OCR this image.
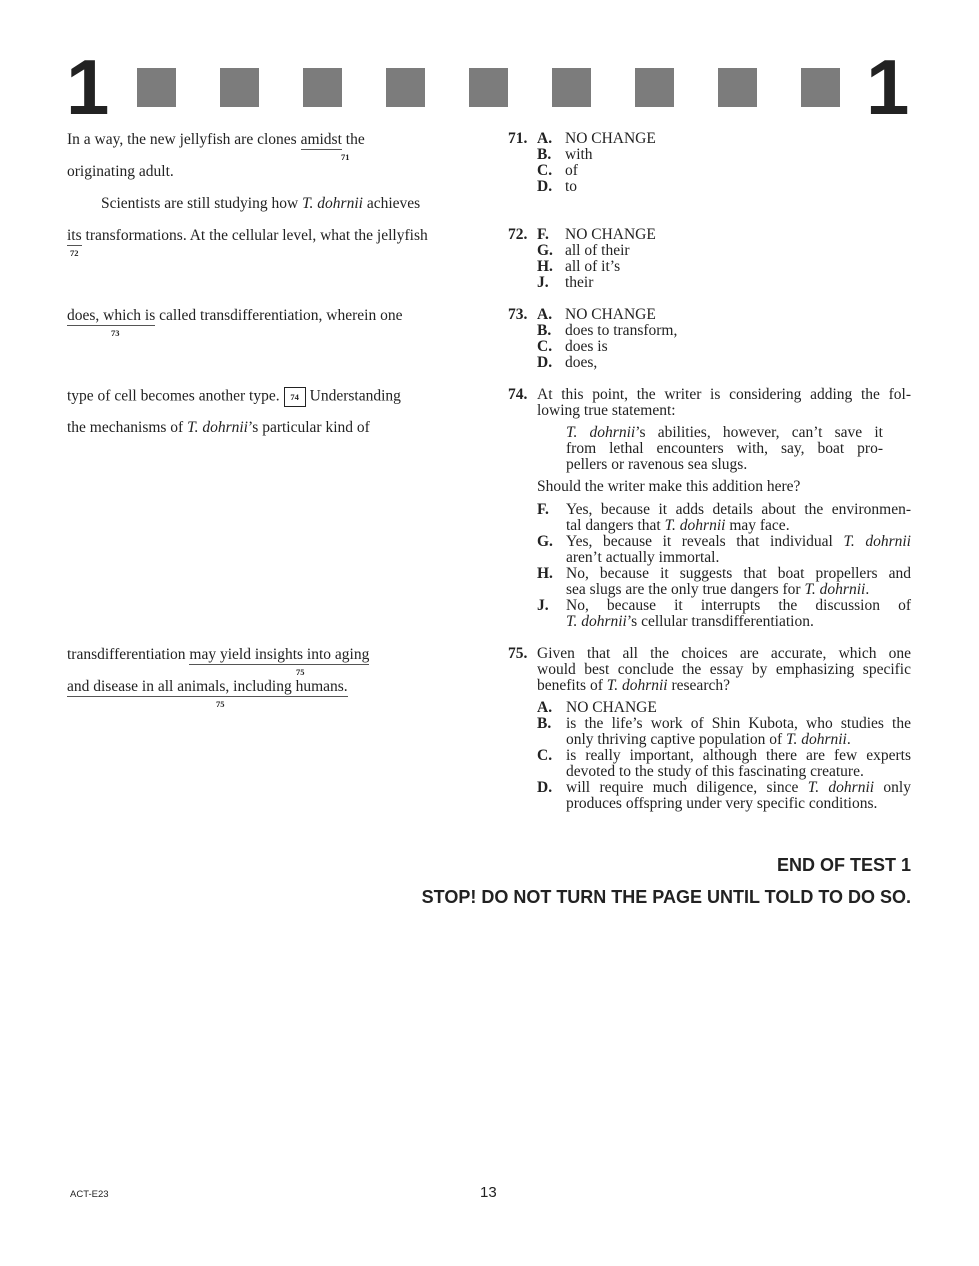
1	1
In a way, the new jellyfish are clones amidst the
71
originating adult.
Scientists are still studying how T. dohrnii achieves
its transformations. At the cellular level, what the jellyfish
72
does, which is called transdifferentiation, wherein one
73
type of cell becomes another type. 74 Understanding
the mechanisms of T. dohrnii’s particular kind of
transdifferentiation may yield insights into aging
75
and disease in all animals, including humans.
75
71. A. NO CHANGE
B. with
C. of
D. to
72. F. NO CHANGE
G. all of their
H. all of it’s
J. their
73. A. NO CHANGE
B. does to transform,
C. does is
D. does,
74. At this point, the writer is considering adding the fol-
lowing true statement:
T. dohrnii’s abilities, however, can’t save it
from lethal encounters with, say, boat pro-
pellers or ravenous sea slugs.
Should the writer make this addition here?
F. Yes, because it adds details about the environmen-
tal dangers that T. dohrnii may face.
G. Yes, because it reveals that individual T. dohrnii
aren’t actually immortal.
H. No, because it suggests that boat propellers and
sea slugs are the only true dangers for T. dohrnii.
J. No, because it interrupts the discussion of
T. dohrnii’s cellular transdifferentiation.
75. Given that all the choices are accurate, which one
would best conclude the essay by emphasizing specific
benefits of T. dohrnii research?
A. NO CHANGE
B. is the life’s work of Shin Kubota, who studies the
only thriving captive population of T. dohrnii.
C. is really important, although there are few experts
devoted to the study of this fascinating creature.
D. will require much diligence, since T. dohrnii only
produces offspring under very specific conditions.
END OF TEST 1
STOP! DO NOT TURN THE PAGE UNTIL TOLD TO DO SO.
ACT-E23	13
